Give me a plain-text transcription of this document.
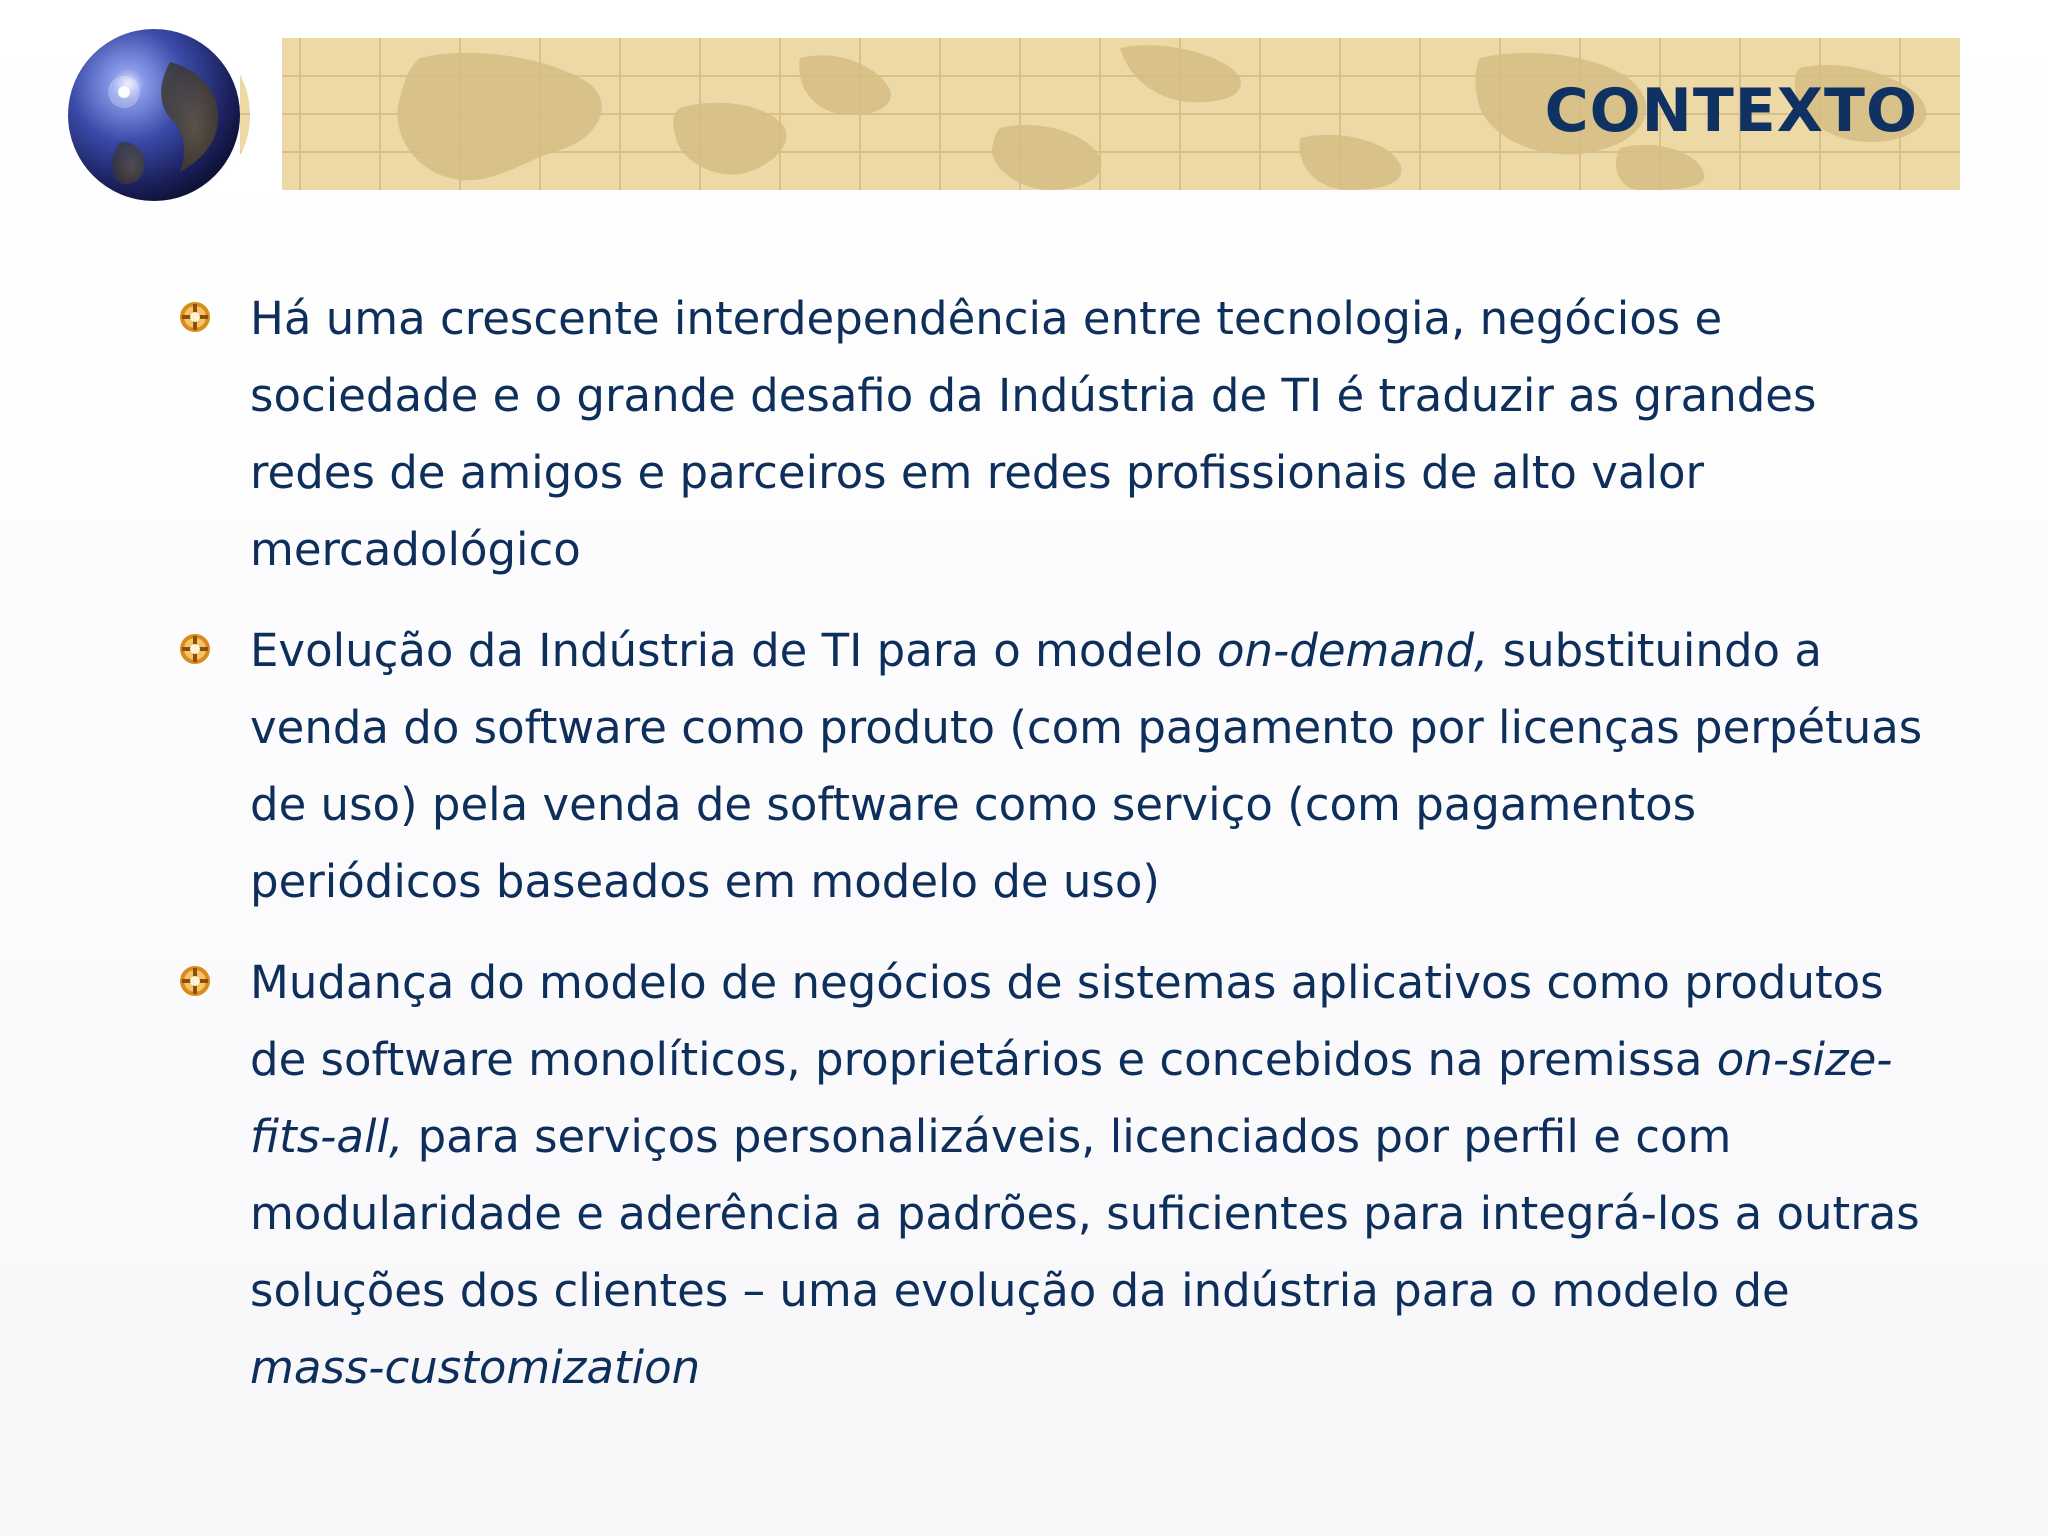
CONTEXTO
Há uma crescente interdependência entre tecnologia, negócios e sociedade e o grande desafio da Indústria de TI é traduzir as grandes redes de amigos e parceiros em redes profissionais de alto valor mercadológico
Evolução da Indústria de TI para o modelo on-demand, substituindo a venda do software como produto (com pagamento por licenças perpétuas de uso) pela venda de software como serviço (com pagamentos periódicos baseados em modelo de uso)
Mudança do modelo de negócios de sistemas aplicativos como produtos de software monolíticos, proprietários e concebidos na premissa on-size-fits-all, para serviços personalizáveis, licenciados por perfil e com modularidade e aderência a padrões, suficientes para integrá-los a outras soluções dos clientes – uma evolução da indústria para o modelo de mass-customization
